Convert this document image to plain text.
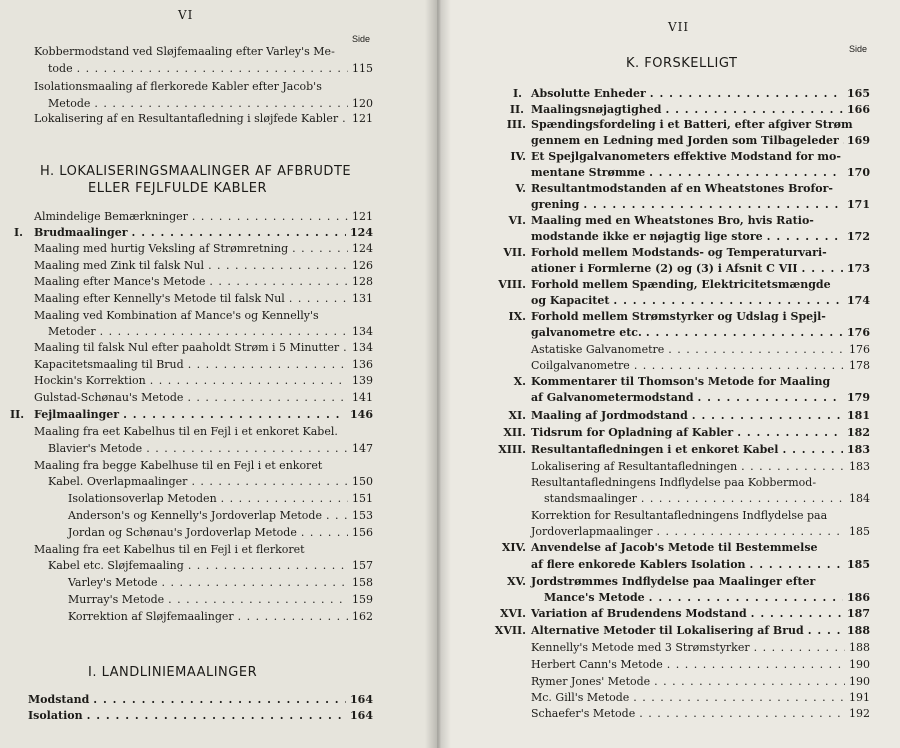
VI
Side
Kobbermodstand ved Sløjfemaaling efter Varley's Me-
tode . . .	115
Isolationsmaaling af flerkorede Kabler efter Jacob's
Metode . . .	120
Lokalisering af en Resultantafledning i sløjfede Kabler . . . 121
H. LOKALISERINGSMAALINGER AF AFBRUDTE
ELLER FEJLFULDE KABLER
Almindelige Bemærkninger . . .	121
I. Brudmaalinger . . .	124
Maaling med hurtig Veksling af Strømretning . . .	124
Maaling med Zink til falsk Nul . . .	126
Maaling efter Mance's Metode . . .	128
Maaling efter Kennelly's Metode til falsk Nul . . .	131
Maaling ved Kombination af Mance's og Kennelly's
Metoder . . .	134
Maaling til falsk Nul efter paaholdt Strøm i 5 Minutter . . . 134
Kapacitetsmaaling til Brud . . .	136
Hockin's Korrektion . . .	139
Gulstad-Schønau's Metode . . .	141
II. Fejlmaalinger . . .	146
Maaling fra eet Kabelhus til en Fejl i et enkoret Kabel.
Blavier's Metode . . .	147
Maaling fra begge Kabelhuse til en Fejl i et enkoret
Kabel. Overlapmaalinger . . .	150
Isolationsoverlap Metoden . . .	151
Anderson's og Kennelly's Jordoverlap Metode . . .	153
Jordan og Schønau's Jordoverlap Metode . . .	156
Maaling fra eet Kabelhus til en Fejl i et flerkoret
Kabel etc. Sløjfemaaling . . .	157
Varley's Metode . . .	158
Murray's Metode . . .	159
Korrektion af Sløjfemaalinger . . .	162
I. LANDLINIEMAALINGER
Modstand . . .	164
Isolation . . .	164
VII
Side
K. FORSKELLIGT
I. Absolutte Enheder . . .	165
II. Maalingsnøjagtighed . . .	166
III. Spændingsfordeling i et Batteri, efter afgiver Strøm
gennem en Ledning med Jorden som Tilbageleder . . . 169
IV. Et Spejlgalvanometers effektive Modstand for mo-
mentane Strømme . . .	170
V. Resultantmodstanden af en Wheatstones Brofor-
grening . . .	171
VI. Maaling med en Wheatstones Bro, hvis Ratio-
modstande ikke er nøjagtig lige store . . .	172
VII. Forhold mellem Modstands- og Temperaturvari-
ationer i Formlerne (2) og (3) i Afsnit C VII . . .	173
VIII. Forhold mellem Spænding, Elektricitetsmængde
og Kapacitet . . .	174
IX. Forhold mellem Strømstyrker og Udslag i Spejl-
galvanometre etc. . . .	176
Astatiske Galvanometre . . .	176
Coilgalvanometre . . .	178
X. Kommentarer til Thomson's Metode for Maaling
af Galvanometermodstand . . .	179
XI. Maaling af Jordmodstand . . .	181
XII. Tidsrum for Opladning af Kabler . . .	182
XIII. Resultantafledningen i et enkoret Kabel . . .	183
Lokalisering af Resultantafledningen . . .	183
Resultantafledningens Indflydelse paa Kobbermod-
standsmaalinger . . .	184
Korrektion for Resultantafledningens Indflydelse paa
Jordoverlapmaalinger . . .	185
XIV. Anvendelse af Jacob's Metode til Bestemmelse
af flere enkorede Kablers Isolation . . .	185
XV. Jordstrømmes Indflydelse paa Maalinger efter
Mance's Metode . . .	186
XVI. Variation af Brudendens Modstand . . .	187
XVII. Alternative Metoder til Lokalisering af Brud . . .	188
Kennelly's Metode med 3 Strømstyrker . . .	188
Herbert Cann's Metode . . .	190
Rymer Jones' Metode . . .	190
Mc. Gill's Metode . . .	191
Schaefer's Metode . . .	192
